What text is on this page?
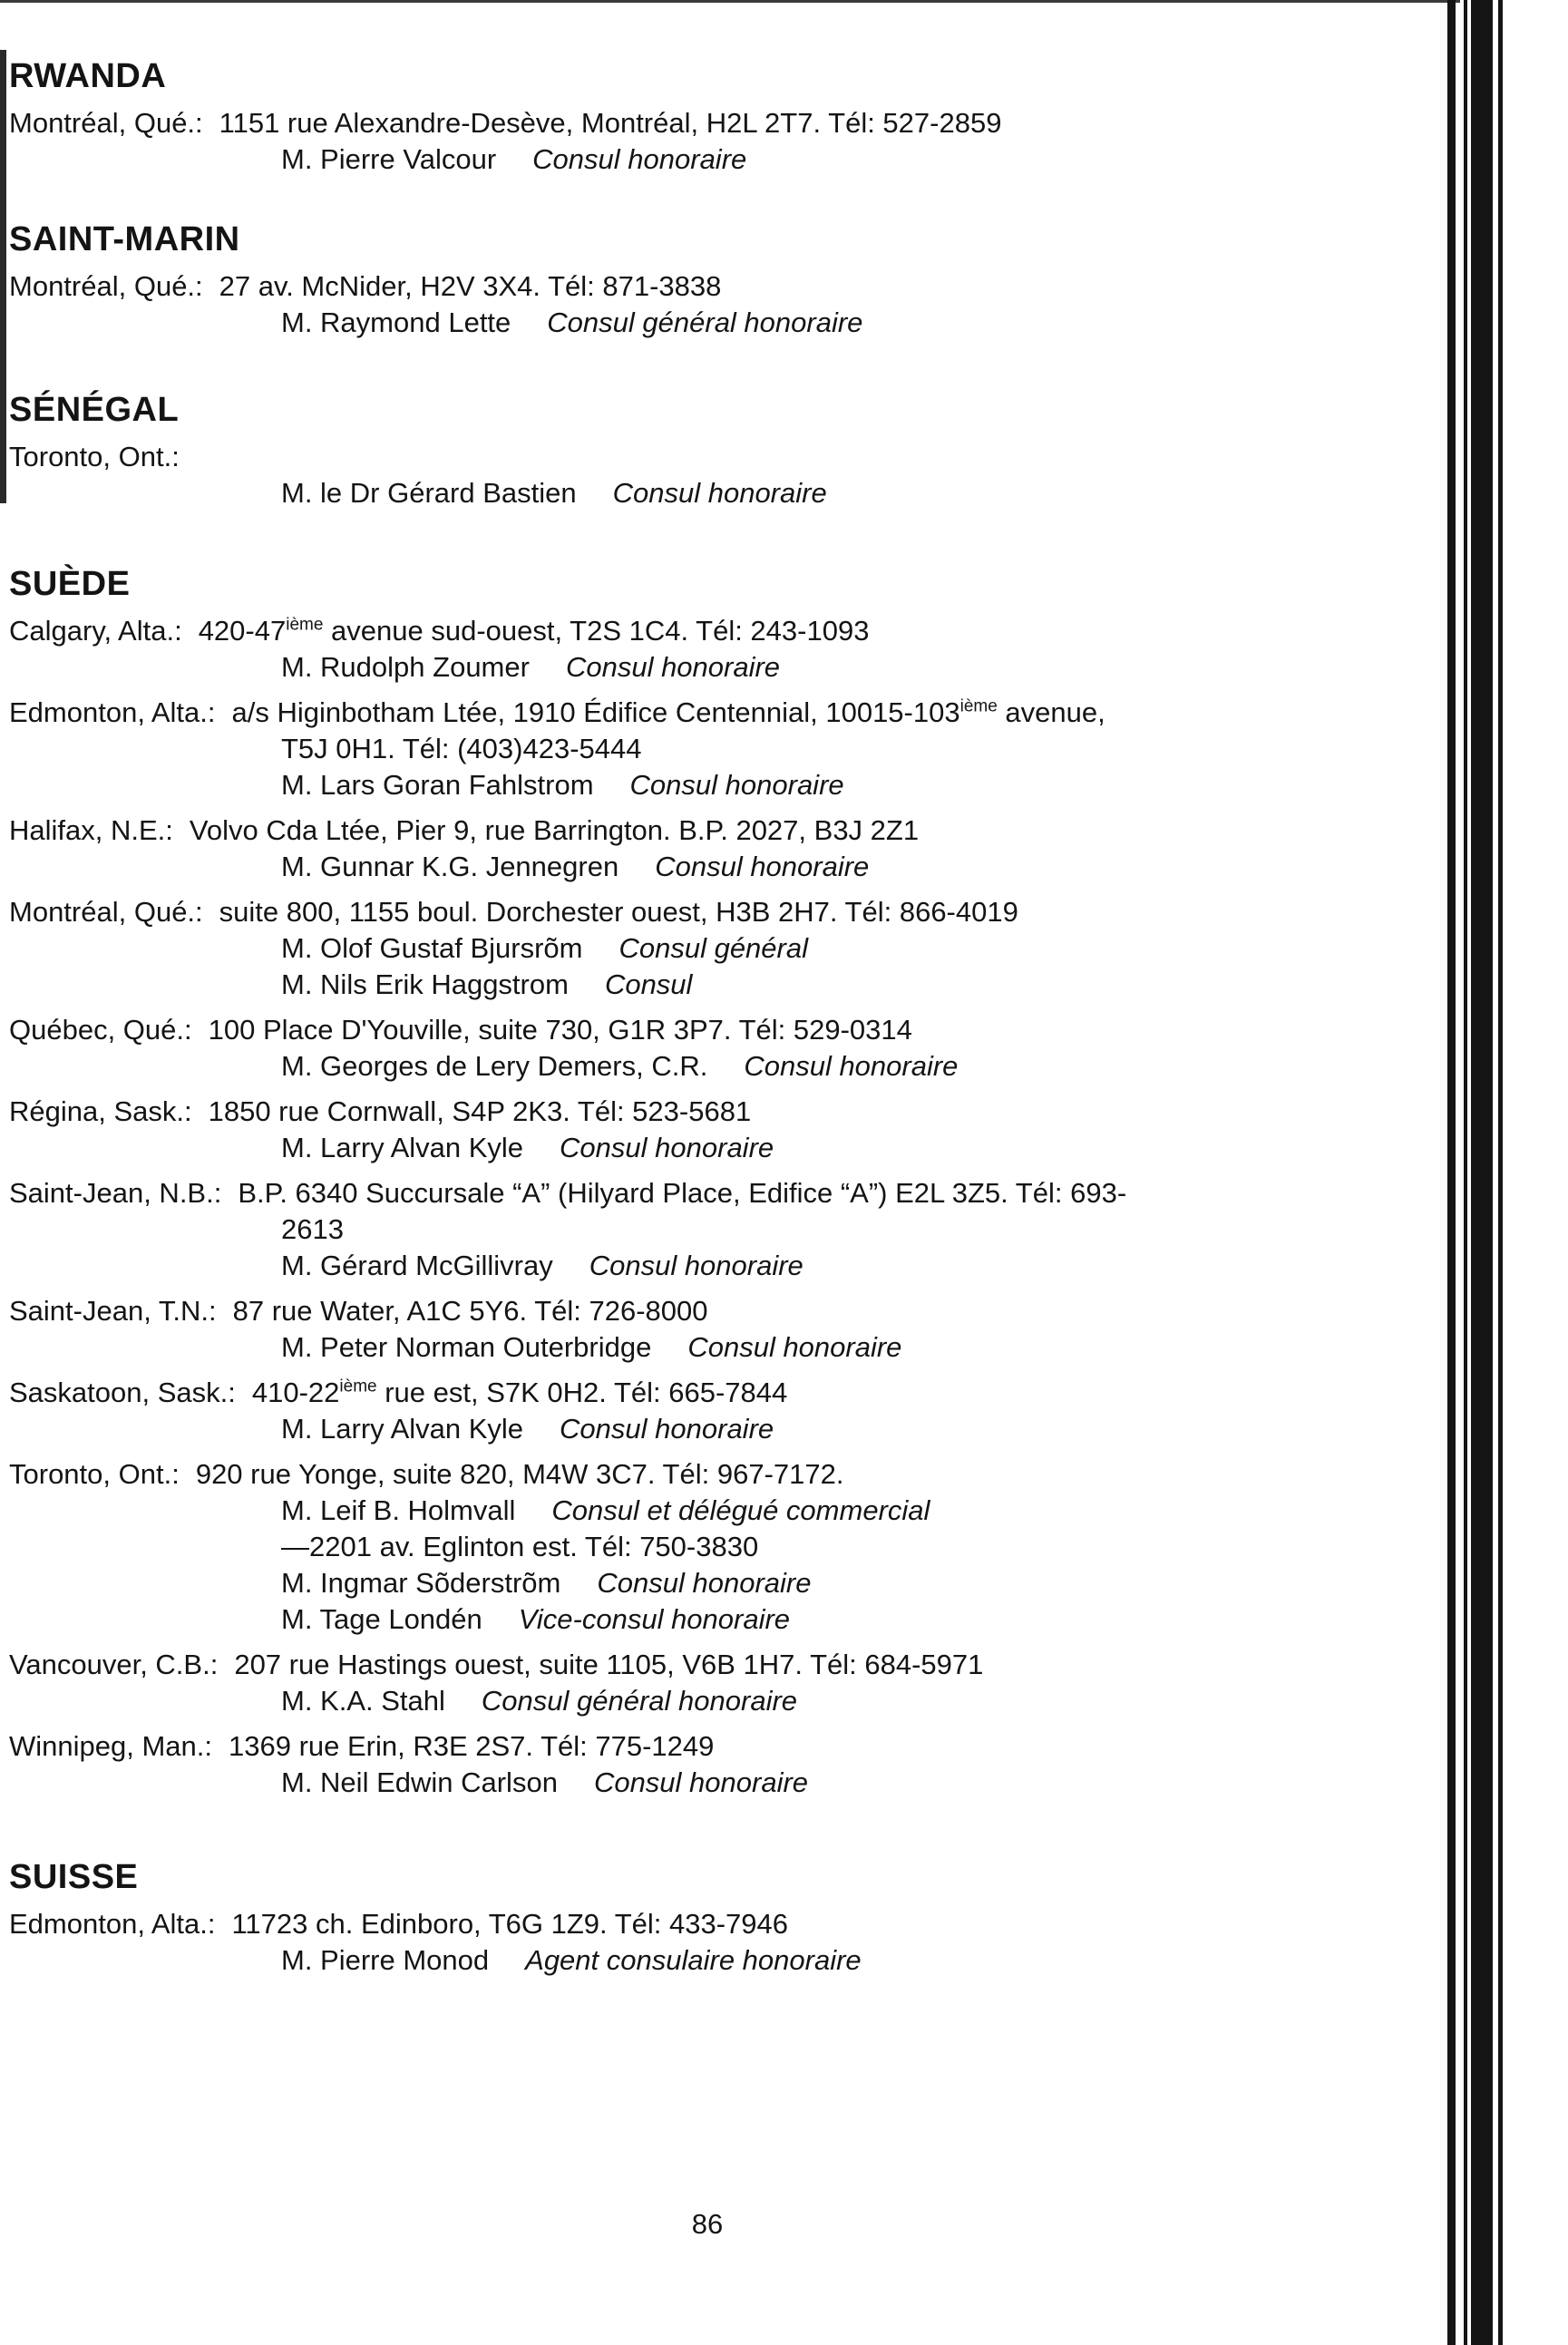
RWANDA
Montréal, Qué.: 1151 rue Alexandre-Desève, Montréal, H2L 2T7. Tél: 527-2859
M. Pierre Valcour Consul honoraire
SAINT-MARIN
Montréal, Qué.: 27 av. McNider, H2V 3X4. Tél: 871-3838
M. Raymond Lette Consul général honoraire
SÉNÉGAL
Toronto, Ont.:
M. le Dr Gérard Bastien Consul honoraire
SUÈDE
Calgary, Alta.: 420-47ième avenue sud-ouest, T2S 1C4. Tél: 243-1093
M. Rudolph Zoumer Consul honoraire
Edmonton, Alta.: a/s Higinbotham Ltée, 1910 Édifice Centennial, 10015-103ième avenue,
T5J 0H1. Tél: (403)423-5444
M. Lars Goran Fahlstrom Consul honoraire
Halifax, N.E.: Volvo Cda Ltée, Pier 9, rue Barrington. B.P. 2027, B3J 2Z1
M. Gunnar K.G. Jennegren Consul honoraire
Montréal, Qué.: suite 800, 1155 boul. Dorchester ouest, H3B 2H7. Tél: 866-4019
M. Olof Gustaf Bjursrõm Consul général
M. Nils Erik Haggstrom Consul
Québec, Qué.: 100 Place D'Youville, suite 730, G1R 3P7. Tél: 529-0314
M. Georges de Lery Demers, C.R. Consul honoraire
Régina, Sask.: 1850 rue Cornwall, S4P 2K3. Tél: 523-5681
M. Larry Alvan Kyle Consul honoraire
Saint-Jean, N.B.: B.P. 6340 Succursale “A” (Hilyard Place, Edifice “A”) E2L 3Z5. Tél: 693-
2613
M. Gérard McGillivray Consul honoraire
Saint-Jean, T.N.: 87 rue Water, A1C 5Y6. Tél: 726-8000
M. Peter Norman Outerbridge Consul honoraire
Saskatoon, Sask.: 410-22ième rue est, S7K 0H2. Tél: 665-7844
M. Larry Alvan Kyle Consul honoraire
Toronto, Ont.: 920 rue Yonge, suite 820, M4W 3C7. Tél: 967-7172.
M. Leif B. Holmvall Consul et délégué commercial
—2201 av. Eglinton est. Tél: 750-3830
M. Ingmar Sõderstrõm Consul honoraire
M. Tage Londén Vice-consul honoraire
Vancouver, C.B.: 207 rue Hastings ouest, suite 1105, V6B 1H7. Tél: 684-5971
M. K.A. Stahl Consul général honoraire
Winnipeg, Man.: 1369 rue Erin, R3E 2S7. Tél: 775-1249
M. Neil Edwin Carlson Consul honoraire
SUISSE
Edmonton, Alta.: 11723 ch. Edinboro, T6G 1Z9. Tél: 433-7946
M. Pierre Monod Agent consulaire honoraire
86
